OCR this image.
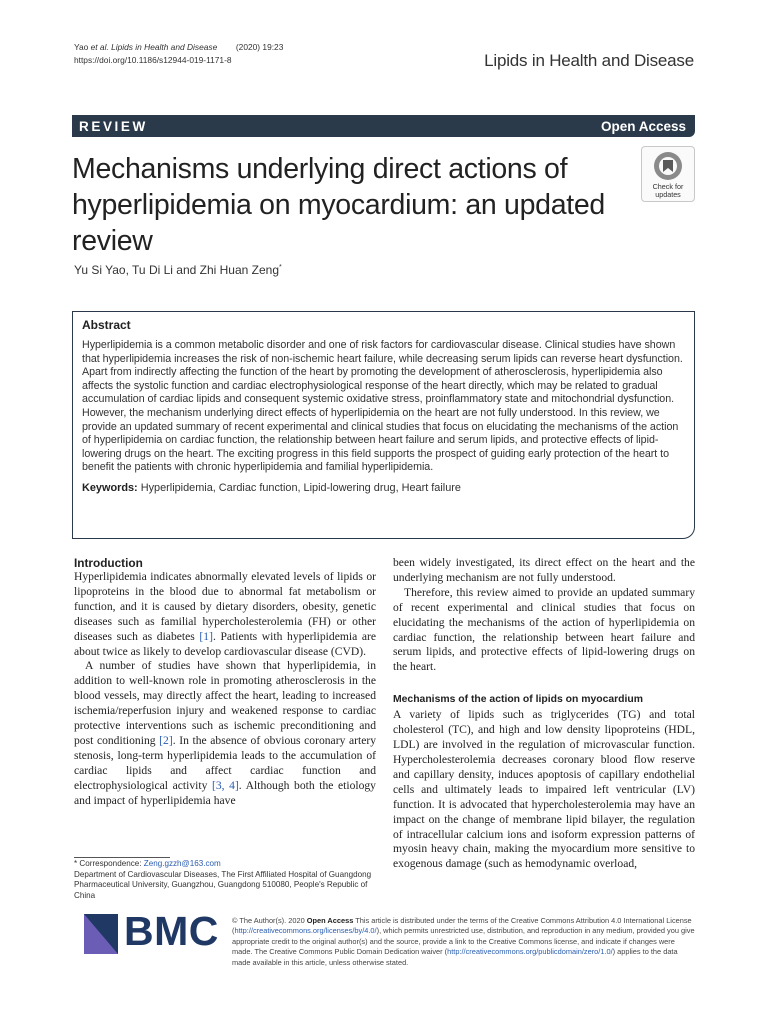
Yao et al. Lipids in Health and Disease (2020) 19:23
https://doi.org/10.1186/s12944-019-1171-8	Lipids in Health and Disease
REVIEW	Open Access
Mechanisms underlying direct actions of hyperlipidemia on myocardium: an updated review
Check for
updates
Yu Si Yao, Tu Di Li and Zhi Huan Zeng*
Abstract
Hyperlipidemia is a common metabolic disorder and one of risk factors for cardiovascular disease. Clinical studies have shown that hyperlipidemia increases the risk of non-ischemic heart failure, while decreasing serum lipids can reverse heart dysfunction. Apart from indirectly affecting the function of the heart by promoting the development of atherosclerosis, hyperlipidemia also affects the systolic function and cardiac electrophysiological response of the heart directly, which may be related to gradual accumulation of cardiac lipids and consequent systemic oxidative stress, proinflammatory state and mitochondrial dysfunction. However, the mechanism underlying direct effects of hyperlipidemia on the heart are not fully understood. In this review, we provide an updated summary of recent experimental and clinical studies that focus on elucidating the mechanisms of the action of hyperlipidemia on cardiac function, the relationship between heart failure and serum lipids, and protective effects of lipid-lowering drugs on the heart. The exciting progress in this field supports the prospect of guiding early protection of the heart to benefit the patients with chronic hyperlipidemia and familial hyperlipidemia.
Keywords: Hyperlipidemia, Cardiac function, Lipid-lowering drug, Heart failure
Introduction

Hyperlipidemia indicates abnormally elevated levels of lipids or lipoproteins in the blood due to abnormal fat metabolism or function, and it is caused by dietary disorders, obesity, genetic diseases such as familial hypercholesterolemia (FH) or other diseases such as diabetes [1]. Patients with hyperlipidemia are about twice as likely to develop cardiovascular disease (CVD).

A number of studies have shown that hyperlipidemia, in addition to well-known role in promoting atherosclerosis in the blood vessels, may directly affect the heart, leading to increased ischemia/reperfusion injury and weakened response to cardiac protective interventions such as ischemic preconditioning and post conditioning [2]. In the absence of obvious coronary artery stenosis, long-term hyperlipidemia leads to the accumulation of cardiac lipids and affect cardiac function and electrophysiological activity [3, 4]. Although both the etiology and impact of hyperlipidemia have

been widely investigated, its direct effect on the heart and the underlying mechanism are not fully understood.

Therefore, this review aimed to provide an updated summary of recent experimental and clinical studies that focus on elucidating the mechanisms of the action of hyperlipidemia on cardiac function, the relationship between heart failure and serum lipids, and protective effects of lipid-lowering drugs on the heart.

Mechanisms of the action of lipids on myocardium

A variety of lipids such as triglycerides (TG) and total cholesterol (TC), and high and low density lipoproteins (HDL, LDL) are involved in the regulation of microvascular function. Hypercholesterolemia decreases coronary blood flow reserve and capillary density, induces apoptosis of capillary endothelial cells and ultimately leads to impaired left ventricular (LV) function. It is advocated that hypercholesterolemia may have an impact on the change of membrane lipid bilayer, the regulation of intracellular calcium ions and isoform expression patterns of myosin heavy chain, making the myocardium more sensitive to exogenous damage (such as hemodynamic overload,

* Correspondence: Zeng.gzzh@163.com
Department of Cardiovascular Diseases, The First Affiliated Hospital of Guangdong Pharmaceutical University, Guangzhou, Guangdong 510080, People's Republic of China
BMC © The Author(s). 2020 Open Access This article is distributed under the terms of the Creative Commons Attribution 4.0 International License (http://creativecommons.org/licenses/by/4.0/), which permits unrestricted use, distribution, and reproduction in any medium, provided you give appropriate credit to the original author(s) and the source, provide a link to the Creative Commons license, and indicate if changes were made. The Creative Commons Public Domain Dedication waiver (http://creativecommons.org/publicdomain/zero/1.0/) applies to the data made available in this article, unless otherwise stated.
